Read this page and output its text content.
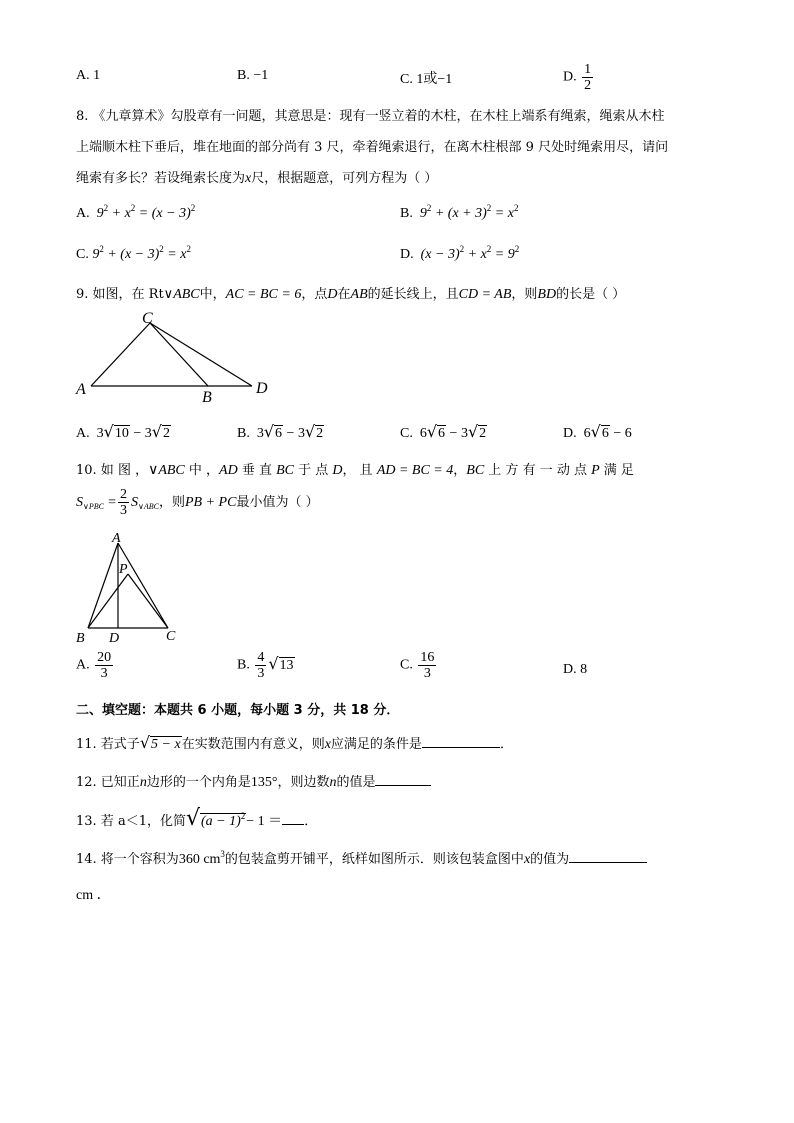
A. 1	B. −1	C. 1或−1	D. $\frac{1}{2}$
8. 《九章算术》勾股章有一问题，其意思是：现有一竖立着的木柱，在木柱上端系有绳索，绳索从木柱
上端顺木柱下垂后，堆在地面的部分尚有 3 尺，牵着绳索退行，在离木柱根部 9 尺处时绳索用尽，请问
绳索有多长？若设绳索长度为x尺，根据题意，可列方程为（ ）
A. $9^2 + x^2 = (x - 3)^2$	B. $9^2 + (x + 3)^2 = x^2$
C. $9^2 + (x - 3)^2 = x^2$	D. $(x - 3)^2 + x^2 = 9^2$
9. 如图，在 Rt∨ABC中，AC = BC = 6，点D在AB的延长线上，且CD = AB，则BD的长是（ ）
C
A	B
D
A. 3√10 − 3√2	B. 3√6 − 3√2	C. 6√6 − 3√2	D. 6√6 − 6
10. 如 图 ，∨ABC 中 ，AD 垂 直 BC 于 点 D， 且 AD = BC = 4，BC 上 方 有 一 动 点 P 满 足
$S_{\vee PBC} = \frac{2}{3} S_{\vee ABC}$，则PB + PC最小值为（ ）
A
P
B D	C
A. $\frac{20}{3}$	B. $\frac{4}{3} √13$	C. $\frac{16}{3}$	D. 8
二、填空题：本题共 6 小题，每小题 3 分，共 18 分．
11. 若式子√5 − x在实数范围内有意义，则x应满足的条件是	．
12. 已知正n边形的一个内角是135°，则边数n的值是
13. 若 a＜1，化简$√(a - 1)^2- 1$ ＝ ．
14. 将一个容积为360 $cm^3$的包装盒剪开铺平，纸样如图所示．则该包装盒图中x的值为
cm ．
